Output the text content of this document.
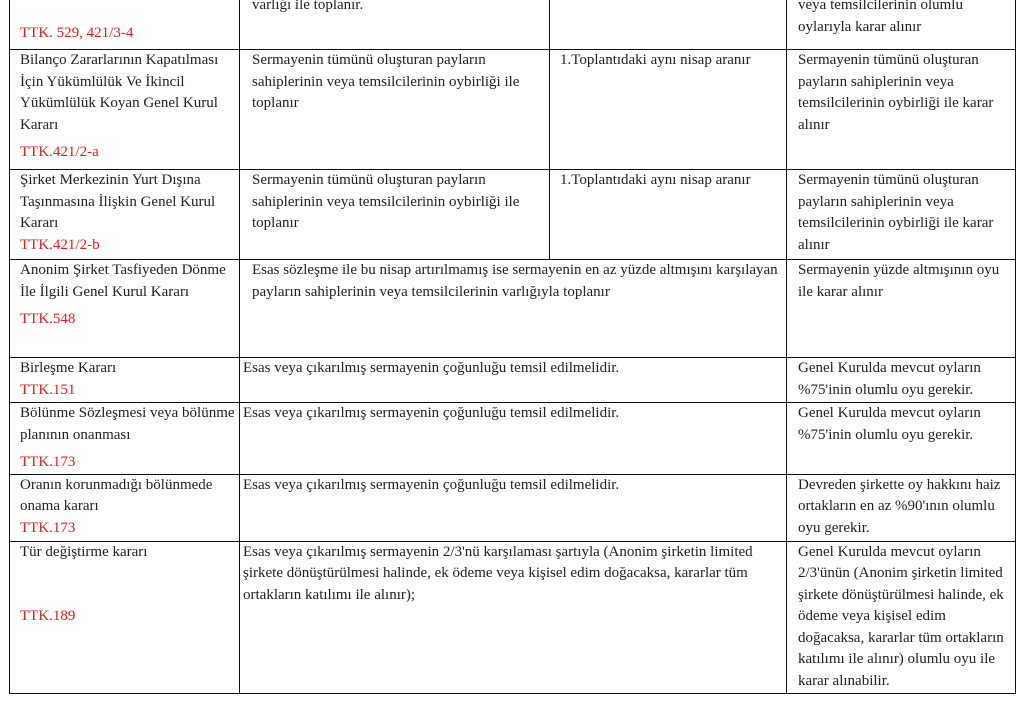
TTK. 529, 421/3-4	varlığı ile toplanır.		veya temsilcilerinin olumlu oylarıyla karar alınır

Bilanço Zararlarının Kapatılması İçin Yükümlülük Ve İkincil Yükümlülük Koyan Genel Kurul Kararı
TTK.421/2-a	Sermayenin tümünü oluşturan payların sahiplerinin veya temsilcilerinin oybirliği ile toplanır	1.Toplantıdaki aynı nisap aranır	Sermayenin tümünü oluşturan payların sahiplerinin veya temsilcilerinin oybirliği ile karar alınır

Şirket Merkezinin Yurt Dışına Taşınmasına İlişkin Genel Kurul Kararı
TTK.421/2-b	Sermayenin tümünü oluşturan payların sahiplerinin veya temsilcilerinin oybirliği ile toplanır	1.Toplantıdaki aynı nisap aranır	Sermayenin tümünü oluşturan payların sahiplerinin veya temsilcilerinin oybirliği ile karar alınır

Anonim Şirket Tasfiyeden Dönme İle İlgili Genel Kurul Kararı
TTK.548	Esas sözleşme ile bu nisap artırılmamış ise sermayenin en az yüzde altmışını karşılayan payların sahiplerinin veya temsilcilerinin varlığıyla toplanır		Sermayenin yüzde altmışının oyu ile karar alınır

Birleşme Kararı
TTK.151	Esas veya çıkarılmış sermayenin çoğunluğu temsil edilmelidir.		Genel Kurulda mevcut oyların %75'inin olumlu oyu gerekir.

Bölünme Sözleşmesi veya bölünme planının onanması
TTK.173	Esas veya çıkarılmış sermayenin çoğunluğu temsil edilmelidir.		Genel Kurulda mevcut oyların %75'inin olumlu oyu gerekir.

Oranın korunmadığı bölünmede onama kararı
TTK.173	Esas veya çıkarılmış sermayenin çoğunluğu temsil edilmelidir.		Devreden şirkette oy hakkını haiz ortakların en az %90'ının olumlu oyu gerekir.

Tür değiştirme kararı
TTK.189	Esas veya çıkarılmış sermayenin 2/3'nü karşılaması şartıyla (Anonim şirketin limited şirkete dönüştürülmesi halinde, ek ödeme veya kişisel edim doğacaksa, kararlar tüm ortakların katılımı ile alınır);		Genel Kurulda mevcut oyların 2/3'ünün (Anonim şirketin limited şirkete dönüştürülmesi halinde, ek ödeme veya kişisel edim doğacaksa, kararlar tüm ortakların katılımı ile alınır) olumlu oyu ile karar alınabilir.
